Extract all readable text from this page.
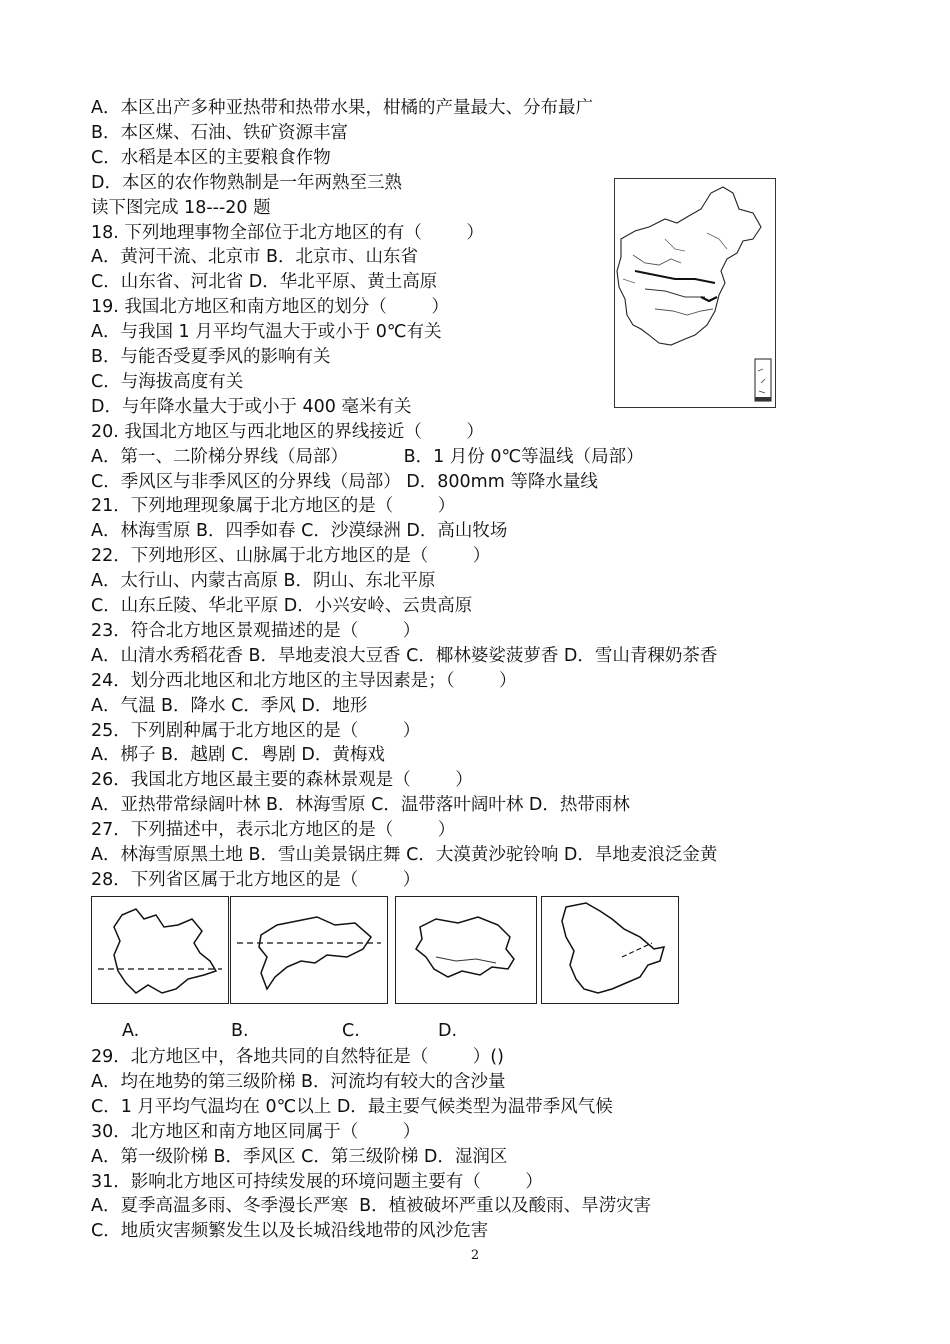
A．本区出产多种亚热带和热带水果，柑橘的产量最大、分布最广
B．本区煤、石油、铁矿资源丰富
C．水稻是本区的主要粮食作物
D．本区的农作物熟制是一年两熟至三熟
读下图完成 18---20 题
18. 下列地理事物全部位于北方地区的有（        ）
A．黄河干流、北京市 B．北京市、山东省
C．山东省、河北省 D．华北平原、黄土高原
19. 我国北方地区和南方地区的划分（        ）
A．与我国 1 月平均气温大于或小于 0℃有关
B．与能否受夏季风的影响有关
C．与海拔高度有关
D．与年降水量大于或小于 400 毫米有关
20. 我国北方地区与西北地区的界线接近（        ）
A．第一、二阶梯分界线（局部）          B．1 月份 0℃等温线（局部）
C．季风区与非季风区的分界线（局部） D．800mm 等降水量线
21．下列地理现象属于北方地区的是（        ）
A．林海雪原 B．四季如春 C．沙漠绿洲 D．高山牧场
22．下列地形区、山脉属于北方地区的是（        ）
A．太行山、内蒙古高原 B．阴山、东北平原
C．山东丘陵、华北平原 D．小兴安岭、云贵高原
23．符合北方地区景观描述的是（        ）
A．山清水秀稻花香 B．旱地麦浪大豆香 C．椰林婆娑菠萝香 D．雪山青稞奶茶香
24．划分西北地区和北方地区的主导因素是；（        ）
A．气温 B．降水 C．季风 D．地形
25．下列剧种属于北方地区的是（        ）
A．梆子 B．越剧 C．粤剧 D．黄梅戏
26．我国北方地区最主要的森林景观是（        ）
A．亚热带常绿阔叶林 B．林海雪原 C．温带落叶阔叶林 D．热带雨林
27．下列描述中，表示北方地区的是（        ）
A．林海雪原黑土地 B．雪山美景锅庄舞 C．大漠黄沙驼铃响 D．旱地麦浪泛金黄
28．下列省区属于北方地区的是（        ）
A.	B.	C.	D.
29．北方地区中，各地共同的自然特征是（        ）()
A．均在地势的第三级阶梯 B．河流均有较大的含沙量
C．1 月平均气温均在 0℃以上 D．最主要气候类型为温带季风气候
30．北方地区和南方地区同属于（        ）
A．第一级阶梯 B．季风区 C．第三级阶梯 D．湿润区
31．影响北方地区可持续发展的环境问题主要有（        ）
A．夏季高温多雨、冬季漫长严寒  B．植被破坏严重以及酸雨、旱涝灾害
C．地质灾害频繁发生以及长城沿线地带的风沙危害
2
